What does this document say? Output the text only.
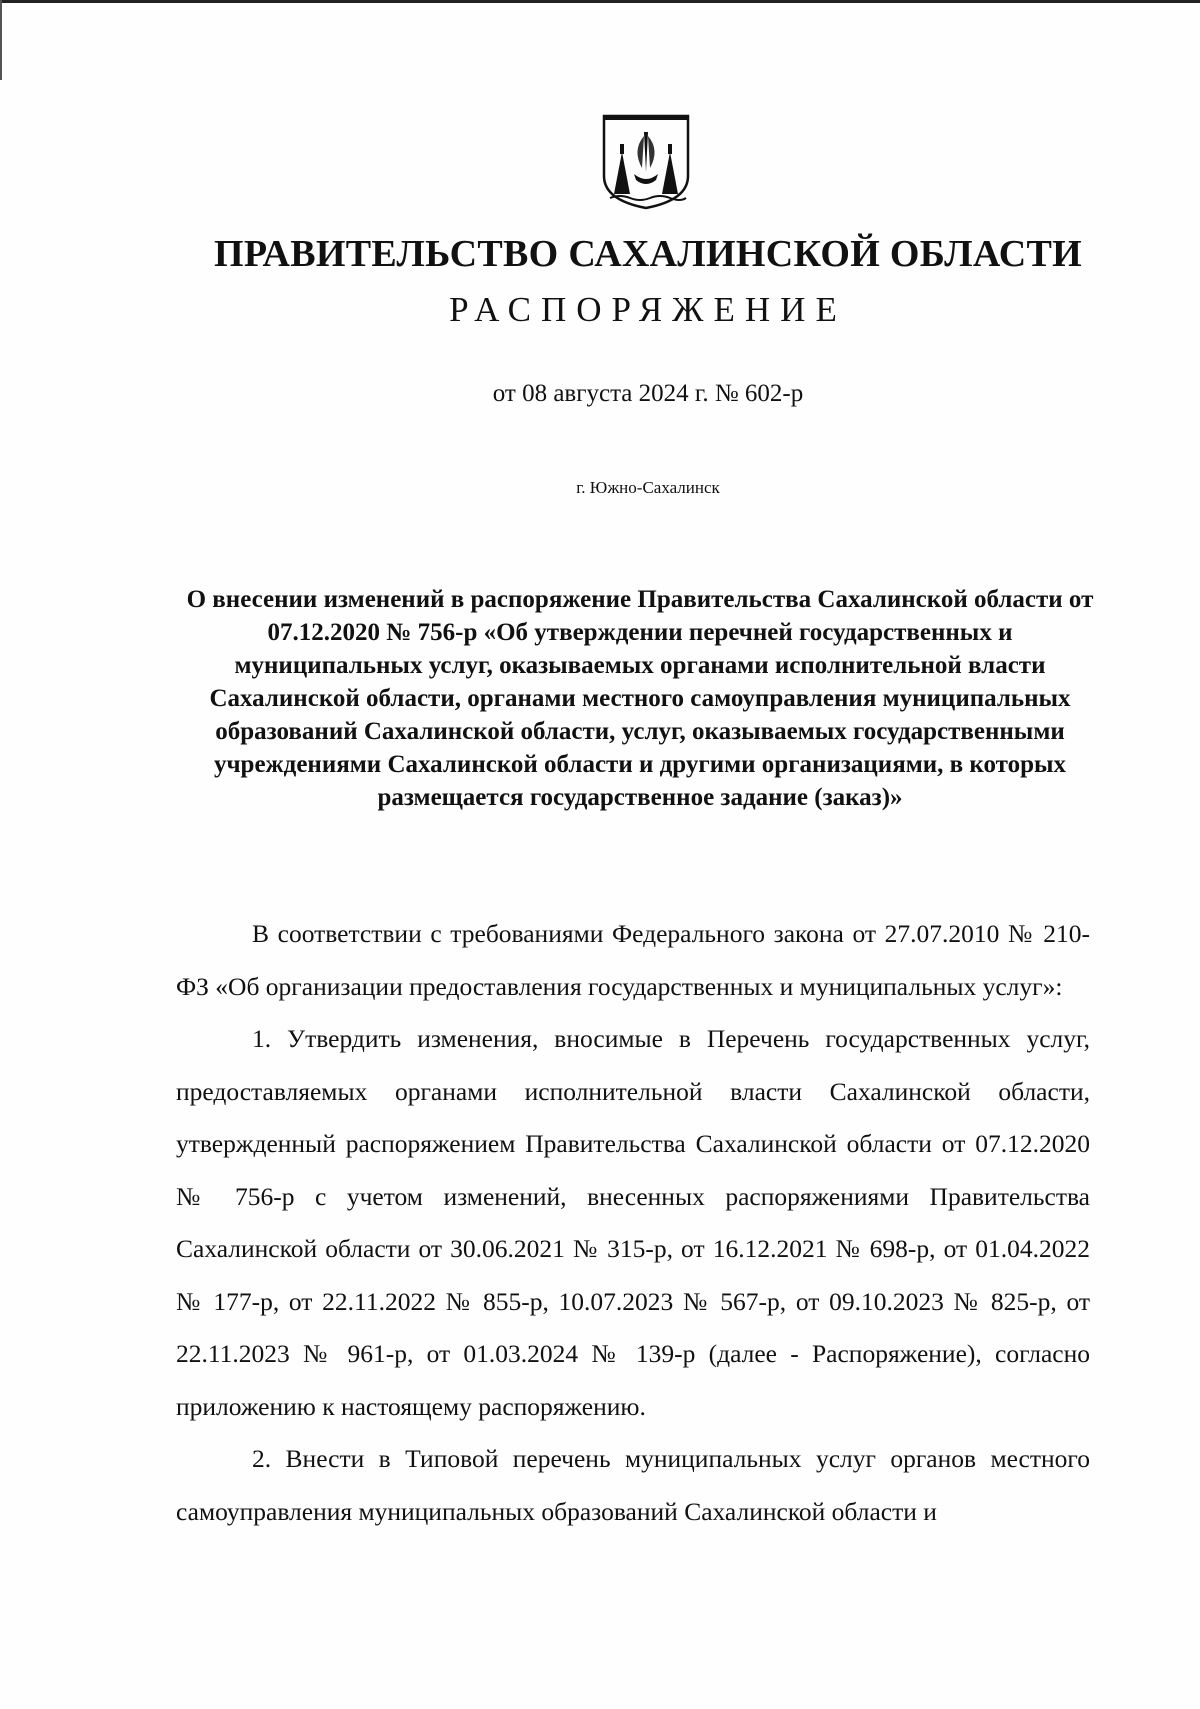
ПРАВИТЕЛЬСТВО САХАЛИНСКОЙ ОБЛАСТИ
РАСПОРЯЖЕНИЕ
от 08 августа 2024 г. № 602-р
г. Южно-Сахалинск
О внесении изменений в распоряжение Правительства Сахалинской области от 07.12.2020 № 756-р «Об утверждении перечней государственных и муниципальных услуг, оказываемых органами исполнительной власти Сахалинской области, органами местного самоуправления муниципальных образований Сахалинской области, услуг, оказываемых государственными учреждениями Сахалинской области и другими организациями, в которых размещается государственное задание (заказ)»

В соответствии с требованиями Федерального закона от 27.07.2010 № 210-ФЗ «Об организации предоставления государственных и муниципальных услуг»:

1. Утвердить изменения, вносимые в Перечень государственных услуг, предоставляемых органами исполнительной власти Сахалинской области, утвержденный распоряжением Правительства Сахалинской области от 07.12.2020 № 756-р с учетом изменений, внесенных распоряжениями Правительства Сахалинской области от 30.06.2021 № 315-р, от 16.12.2021 № 698-р, от 01.04.2022 № 177-р, от 22.11.2022 № 855-р, 10.07.2023 № 567-р, от 09.10.2023 № 825-р, от 22.11.2023 № 961-р, от 01.03.2024 № 139-р (далее - Распоряжение), согласно приложению к настоящему распоряжению.

2. Внести в Типовой перечень муниципальных услуг органов местного самоуправления муниципальных образований Сахалинской области и
